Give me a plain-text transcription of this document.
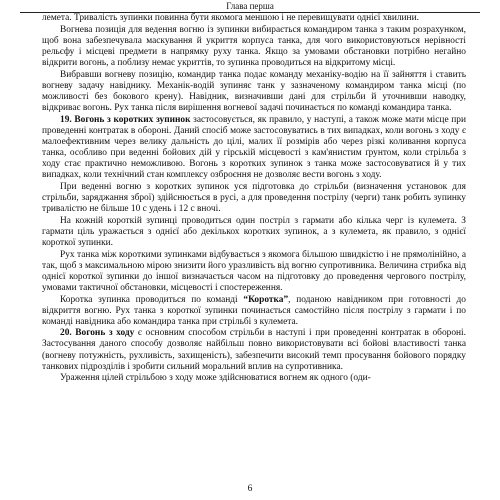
Глава перша

лемета. Тривалість зупинки повинна бути якомога меншою і не перевищувати однієї хвилини.

Вогнева позиція для ведення вогню із зупинки вибирається командиром танка з таким розрахунком, щоб вона забезпечувала маскування й укриття корпуса танка, для чого використовуються нерівності рельєфу і місцеві предмети в напрямку руху танка. Якщо за умовами обстановки потрібно негайно відкрити вогонь, а поблизу немає укриттів, то зупинка проводиться на відкритому місці.

Вибравши вогневу позицію, командир танка подає командy механіку-водію на її зайняття і ставить вогневу задачу навіднику. Механік-водій зупиняє танк у зазначеному командиром танка місці (по можливості без бокового крену). Навідник, визначивши дані для стрільби й уточнивши наводку, відкриває вогонь. Рух танка після вирішення вогневої задачі починається по команді командира танка.

19. Вогонь з коротких зупинок застосовується, як правило, у наступі, а також може мати місце при проведенні контратак в обороні. Даний спосіб може застосовуватись в тих випадках, коли вогонь з ходу є малоефективним через велику дальність до цілі, малих її розмірів або через різкі коливання корпуса танка, особливо при веденні бойових дій у гірській місцевості з кам'янистим ґрунтом, коли стрільба з ходу стає практично неможливою. Вогонь з коротких зупинок з танка може застосовуватися й у тих випадках, коли технічний стан комплексу озброєння не дозволяє вести вогонь з ходу.

При веденні вогню з коротких зупинок уся підготовка до стрільби (визначення установок для стрільби, заряджання зброї) здійснюється в русі, а для проведення пострілу (черги) танк робить зупинку тривалістю не більше 10 с удень і 12 с вночі.

На кожній короткій зупинці проводиться один постріл з гармати або кілька черг із кулемета. З гармати ціль уражається з однієї або декількох коротких зупинок, а з кулемета, як правило, з однієї короткої зупинки.

Рух танка між короткими зупинками відбувається з якомога більшою швидкістю і не прямолінійно, а так, щоб з максимальною мірою знизити його уразливість від вогню супротивника. Величина стрибка від однієї короткої зупинки до іншої визначається часом на підготовку до проведення чергового пострілу, умовами тактичної обстановки, місцевості і спостереження.

Коротка зупинка проводиться по команді “Коротка”, поданою навідником при готовності до відкриття вогню. Рух танка з короткої зупинки починається самостійно після пострілу з гармати і по команді навідника або командира танка при стрільбі з кулемета.

20. Вогонь з ходу є основним способом стрільби в наступі і при проведенні контратак в обороні. Застосування даного способу дозволяє найбільш повно використовувати всі бойові властивості танка (вогневу потужність, рухливість, захищеність), забезпечити високий темп просування бойового порядку танкових підрозділів і зробити сильний моральний вплив на супротивника.

Ураження цілей стрільбою з ходу може здійснюватися вогнем як одного (оди-

6
